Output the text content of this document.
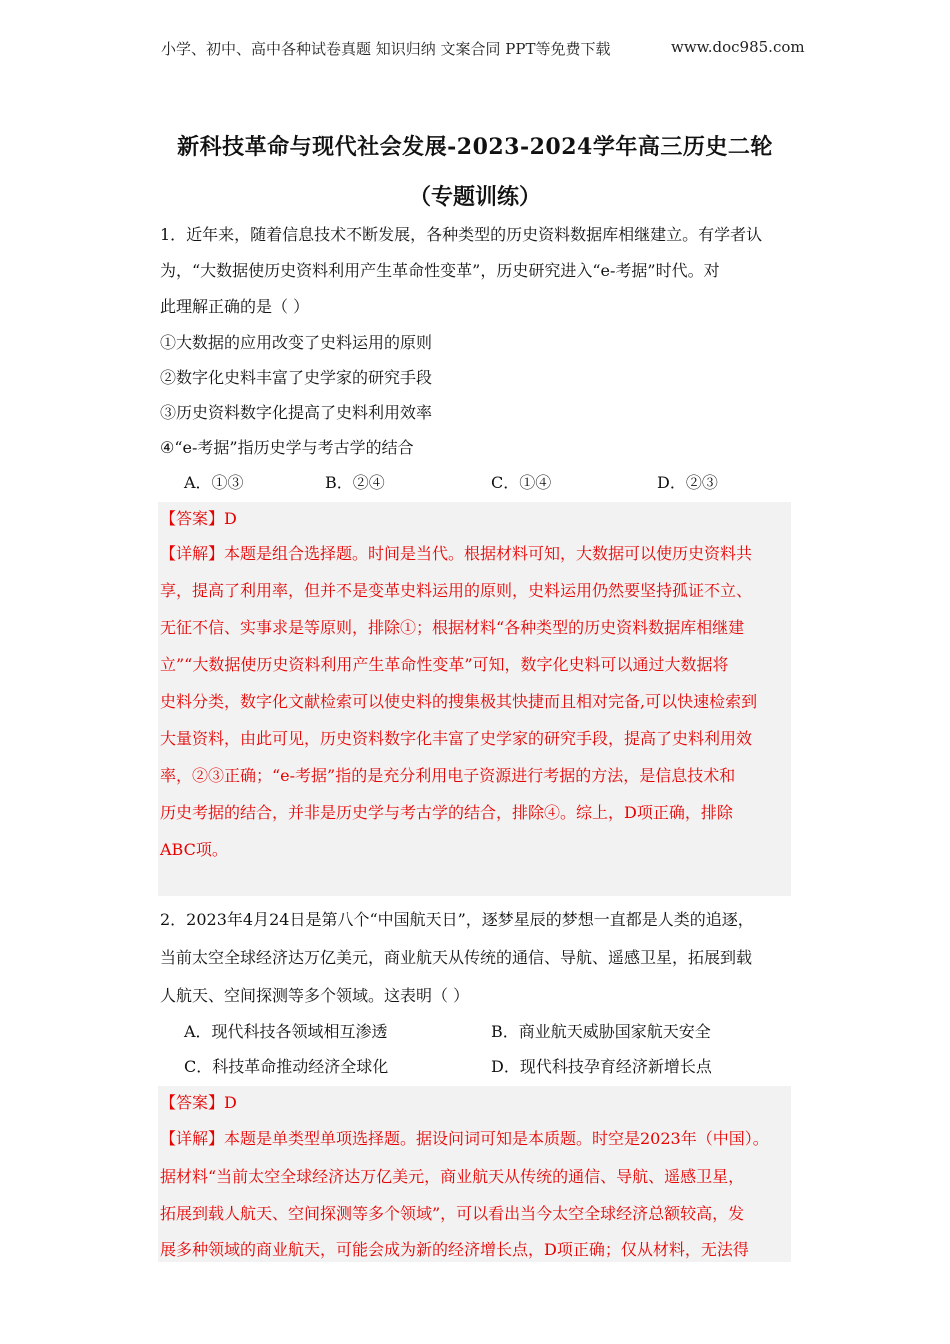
小学、初中、高中各种试卷真题 知识归纳 文案合同 PPT等免费下载	www.doc985.com
新科技革命与现代社会发展-2023-2024学年高三历史二轮
（专题训练）
1．近年来，随着信息技术不断发展，各种类型的历史资料数据库相继建立。有学者认
为，“大数据使历史资料利用产生革命性变革”，历史研究进入“e-考据”时代。对
此理解正确的是（ ）
①大数据的应用改变了史料运用的原则
②数字化史料丰富了史学家的研究手段
③历史资料数字化提高了史料利用效率
④“e-考据”指历史学与考古学的结合
A．①③	B．②④	C．①④	D．②③
【答案】D
【详解】本题是组合选择题。时间是当代。根据材料可知，大数据可以使历史资料共
享，提高了利用率，但并不是变革史料运用的原则，史料运用仍然要坚持孤证不立、
无征不信、实事求是等原则，排除①；根据材料“各种类型的历史资料数据库相继建
立”“大数据使历史资料利用产生革命性变革”可知，数字化史料可以通过大数据将
史料分类，数字化文献检索可以使史料的搜集极其快捷而且相对完备,可以快速检索到
大量资料，由此可见，历史资料数字化丰富了史学家的研究手段，提高了史料利用效
率，②③正确；“e-考据”指的是充分利用电子资源进行考据的方法，是信息技术和
历史考据的结合，并非是历史学与考古学的结合，排除④。综上，D项正确，排除
ABC项。
2．2023年4月24日是第八个“中国航天日”，逐梦星辰的梦想一直都是人类的追逐，
当前太空全球经济达万亿美元，商业航天从传统的通信、导航、遥感卫星，拓展到载
人航天、空间探测等多个领域。这表明（ ）
A．现代科技各领域相互渗透	B．商业航天威胁国家航天安全
C．科技革命推动经济全球化	D．现代科技孕育经济新增长点
【答案】D
【详解】本题是单类型单项选择题。据设问词可知是本质题。时空是2023年（中国）。
据材料“当前太空全球经济达万亿美元，商业航天从传统的通信、导航、遥感卫星，
拓展到载人航天、空间探测等多个领域”，可以看出当今太空全球经济总额较高，发
展多种领域的商业航天，可能会成为新的经济增长点，D项正确；仅从材料，无法得
